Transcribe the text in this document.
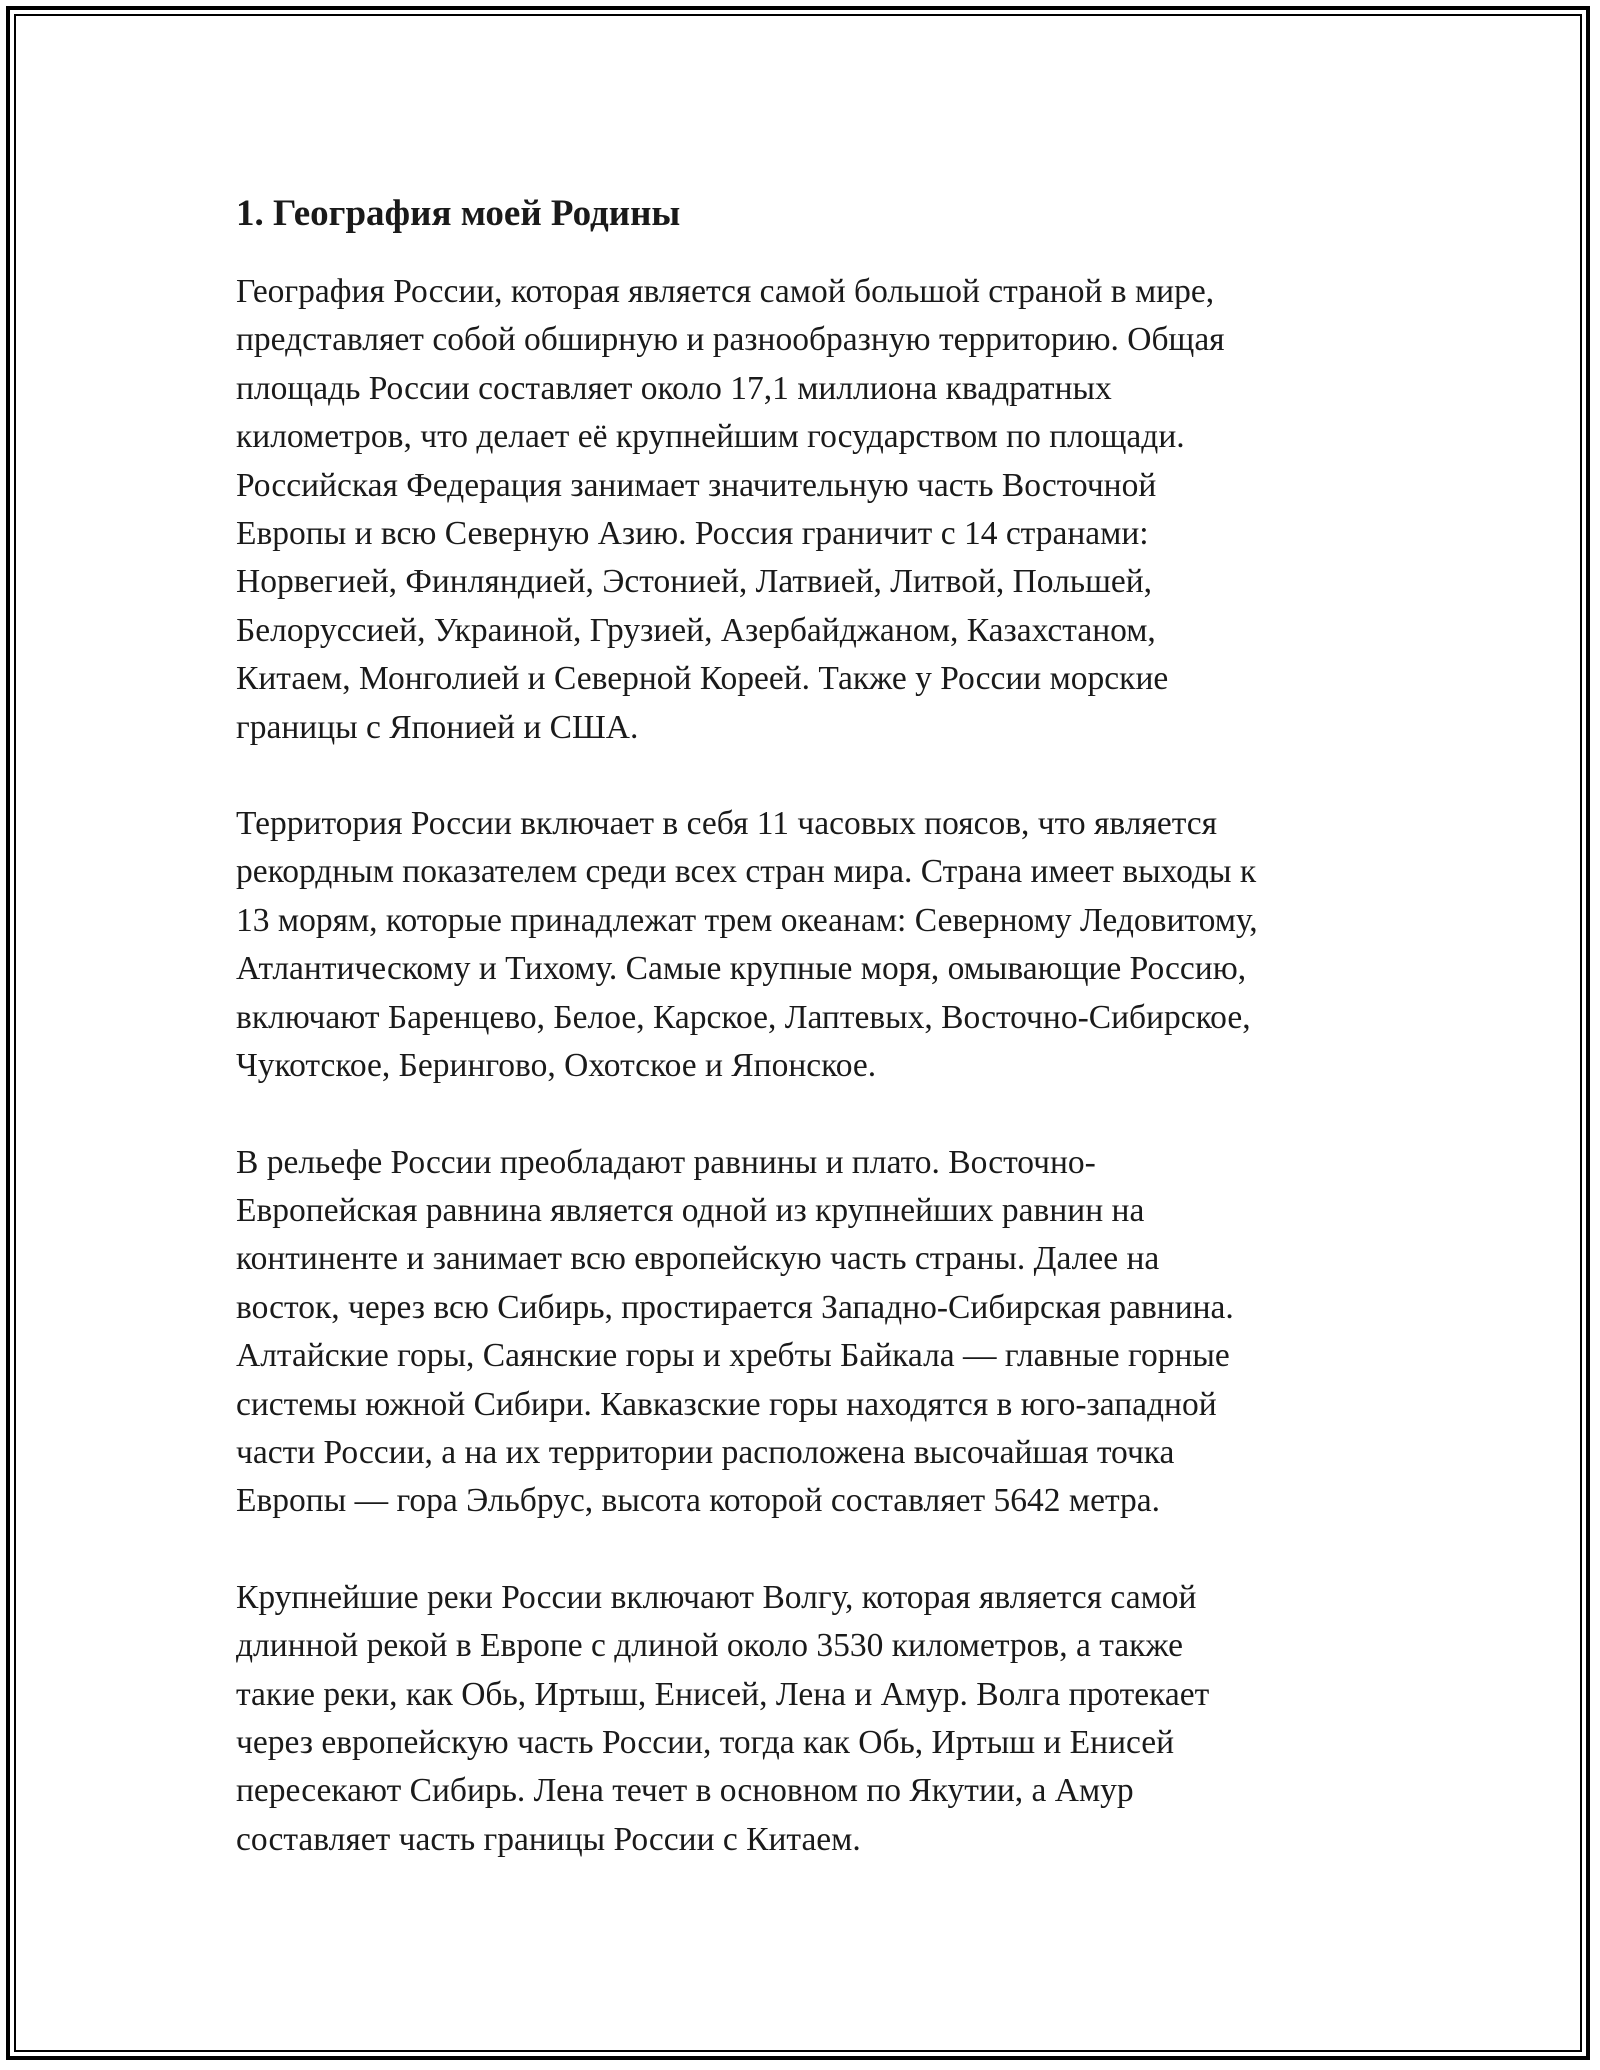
1. География моей Родины

География России, которая является самой большой страной в мире,
представляет собой обширную и разнообразную территорию. Общая
площадь России составляет около 17,1 миллиона квадратных
километров, что делает её крупнейшим государством по площади.
Российская Федерация занимает значительную часть Восточной
Европы и всю Северную Азию. Россия граничит с 14 странами:
Норвегией, Финляндией, Эстонией, Латвией, Литвой, Польшей,
Белоруссией, Украиной, Грузией, Азербайджаном, Казахстаном,
Китаем, Монголией и Северной Кореей. Также у России морские
границы с Японией и США.

Территория России включает в себя 11 часовых поясов, что является
рекордным показателем среди всех стран мира. Страна имеет выходы к
13 морям, которые принадлежат трем океанам: Северному Ледовитому,
Атлантическому и Тихому. Самые крупные моря, омывающие Россию,
включают Баренцево, Белое, Карское, Лаптевых, Восточно-Сибирское,
Чукотское, Берингово, Охотское и Японское.

В рельефе России преобладают равнины и плато. Восточно-
Европейская равнина является одной из крупнейших равнин на
континенте и занимает всю европейскую часть страны. Далее на
восток, через всю Сибирь, простирается Западно-Сибирская равнина.
Алтайские горы, Саянские горы и хребты Байкала — главные горные
системы южной Сибири. Кавказские горы находятся в юго-западной
части России, а на их территории расположена высочайшая точка
Европы — гора Эльбрус, высота которой составляет 5642 метра.

Крупнейшие реки России включают Волгу, которая является самой
длинной рекой в Европе с длиной около 3530 километров, а также
такие реки, как Обь, Иртыш, Енисей, Лена и Амур. Волга протекает
через европейскую часть России, тогда как Обь, Иртыш и Енисей
пересекают Сибирь. Лена течет в основном по Якутии, а Амур
составляет часть границы России с Китаем.
